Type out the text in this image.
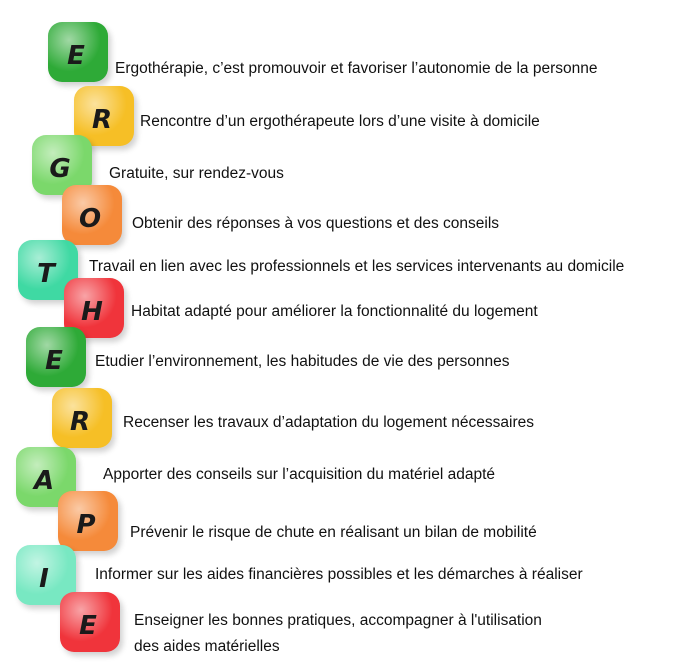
E Ergothérapie, c’est promouvoir et favoriser l’autonomie de la personne
R Rencontre d’un ergothérapeute lors d’une visite à domicile
G Gratuite, sur rendez-vous
O Obtenir des réponses à vos questions et des conseils
T Travail en lien avec les professionnels et les services intervenants au domicile
H Habitat adapté pour améliorer la fonctionnalité du logement
E Etudier l’environnement, les habitudes de vie des personnes
R Recenser les travaux d’adaptation du logement nécessaires
A	Apporter des conseils sur l’acquisition du matériel adapté
P Prévenir le risque de chute en réalisant un bilan de mobilité
I	Informer sur les aides financières possibles et les démarches à réaliser
E Enseigner les bonnes pratiques, accompagner à l'utilisation
des aides matérielles
